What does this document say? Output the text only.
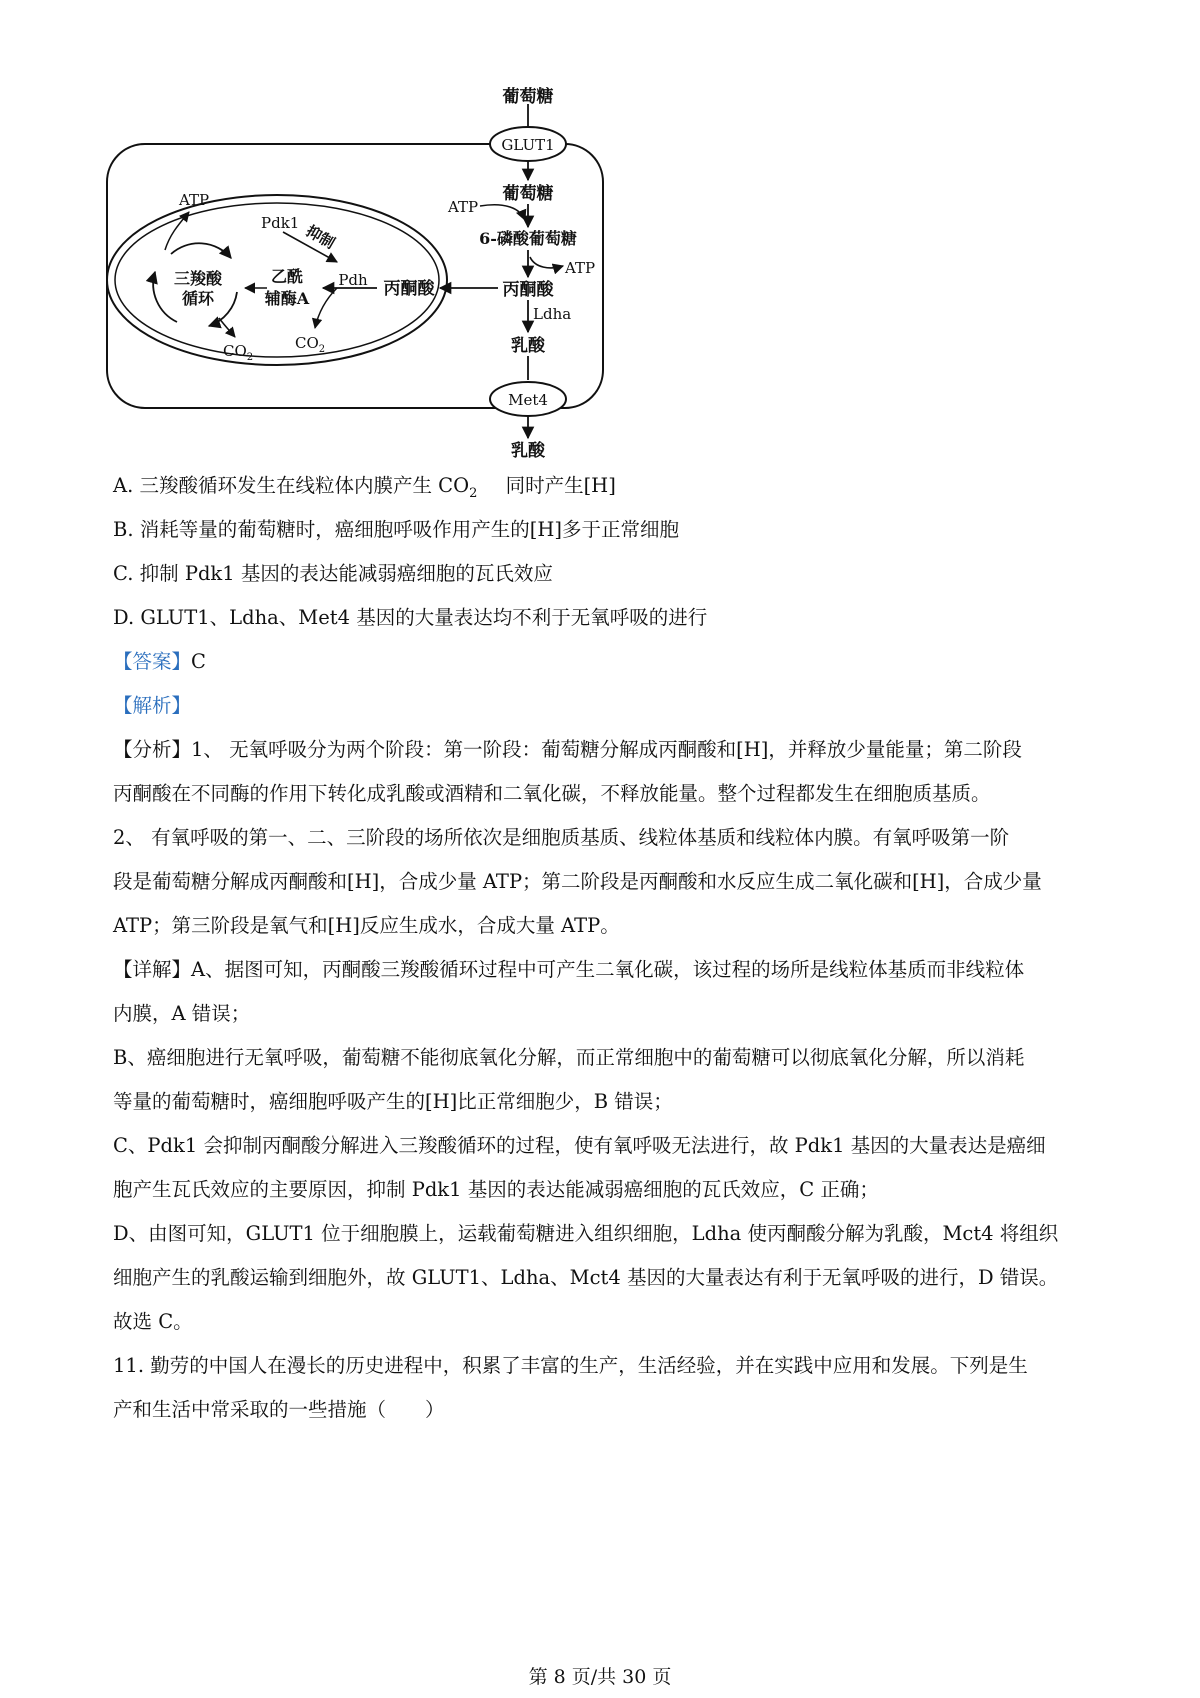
葡萄糖
GLUT1
葡萄糖
ATP
6-磷酸葡萄糖
ATP
丙酮酸
Ldha
乳酸
Met4
乳酸
丙酮酸
Pdh
Pdk1 抑制
乙酰
辅酶A
三羧酸
循环
ATP
$CO_2$
$CO_2$
A. 三羧酸循环发生在线粒体内膜产生 $CO_2$ 同时产生[H]
B. 消耗等量的葡萄糖时，癌细胞呼吸作用产生的[H]多于正常细胞
C. 抑制 Pdk1 基因的表达能减弱癌细胞的瓦氏效应
D. GLUT1、Ldha、Met4 基因的大量表达均不利于无氧呼吸的进行
【答案】C
【解析】
【分析】1、 无氧呼吸分为两个阶段：第一阶段：葡萄糖分解成丙酮酸和[H]，并释放少量能量；第二阶段
丙酮酸在不同酶的作用下转化成乳酸或酒精和二氧化碳，不释放能量。整个过程都发生在细胞质基质。
2、 有氧呼吸的第一、二、三阶段的场所依次是细胞质基质、线粒体基质和线粒体内膜。有氧呼吸第一阶
段是葡萄糖分解成丙酮酸和[H]，合成少量 ATP；第二阶段是丙酮酸和水反应生成二氧化碳和[H]，合成少量
ATP；第三阶段是氧气和[H]反应生成水，合成大量 ATP。
【详解】A、据图可知，丙酮酸三羧酸循环过程中可产生二氧化碳，该过程的场所是线粒体基质而非线粒体
内膜，A 错误；
B、癌细胞进行无氧呼吸，葡萄糖不能彻底氧化分解，而正常细胞中的葡萄糖可以彻底氧化分解，所以消耗
等量的葡萄糖时，癌细胞呼吸产生的[H]比正常细胞少，B 错误；
C、Pdk1 会抑制丙酮酸分解进入三羧酸循环的过程，使有氧呼吸无法进行，故 Pdk1 基因的大量表达是癌细
胞产生瓦氏效应的主要原因，抑制 Pdk1 基因的表达能减弱癌细胞的瓦氏效应，C 正确；
D、由图可知，GLUT1 位于细胞膜上，运载葡萄糖进入组织细胞，Ldha 使丙酮酸分解为乳酸，Mct4 将组织
细胞产生的乳酸运输到细胞外，故 GLUT1、Ldha、Mct4 基因的大量表达有利于无氧呼吸的进行，D 错误。
故选 C。
11. 勤劳的中国人在漫长的历史进程中，积累了丰富的生产，生活经验，并在实践中应用和发展。下列是生
产和生活中常采取的一些措施（　　）
第 8 页/共 30 页
